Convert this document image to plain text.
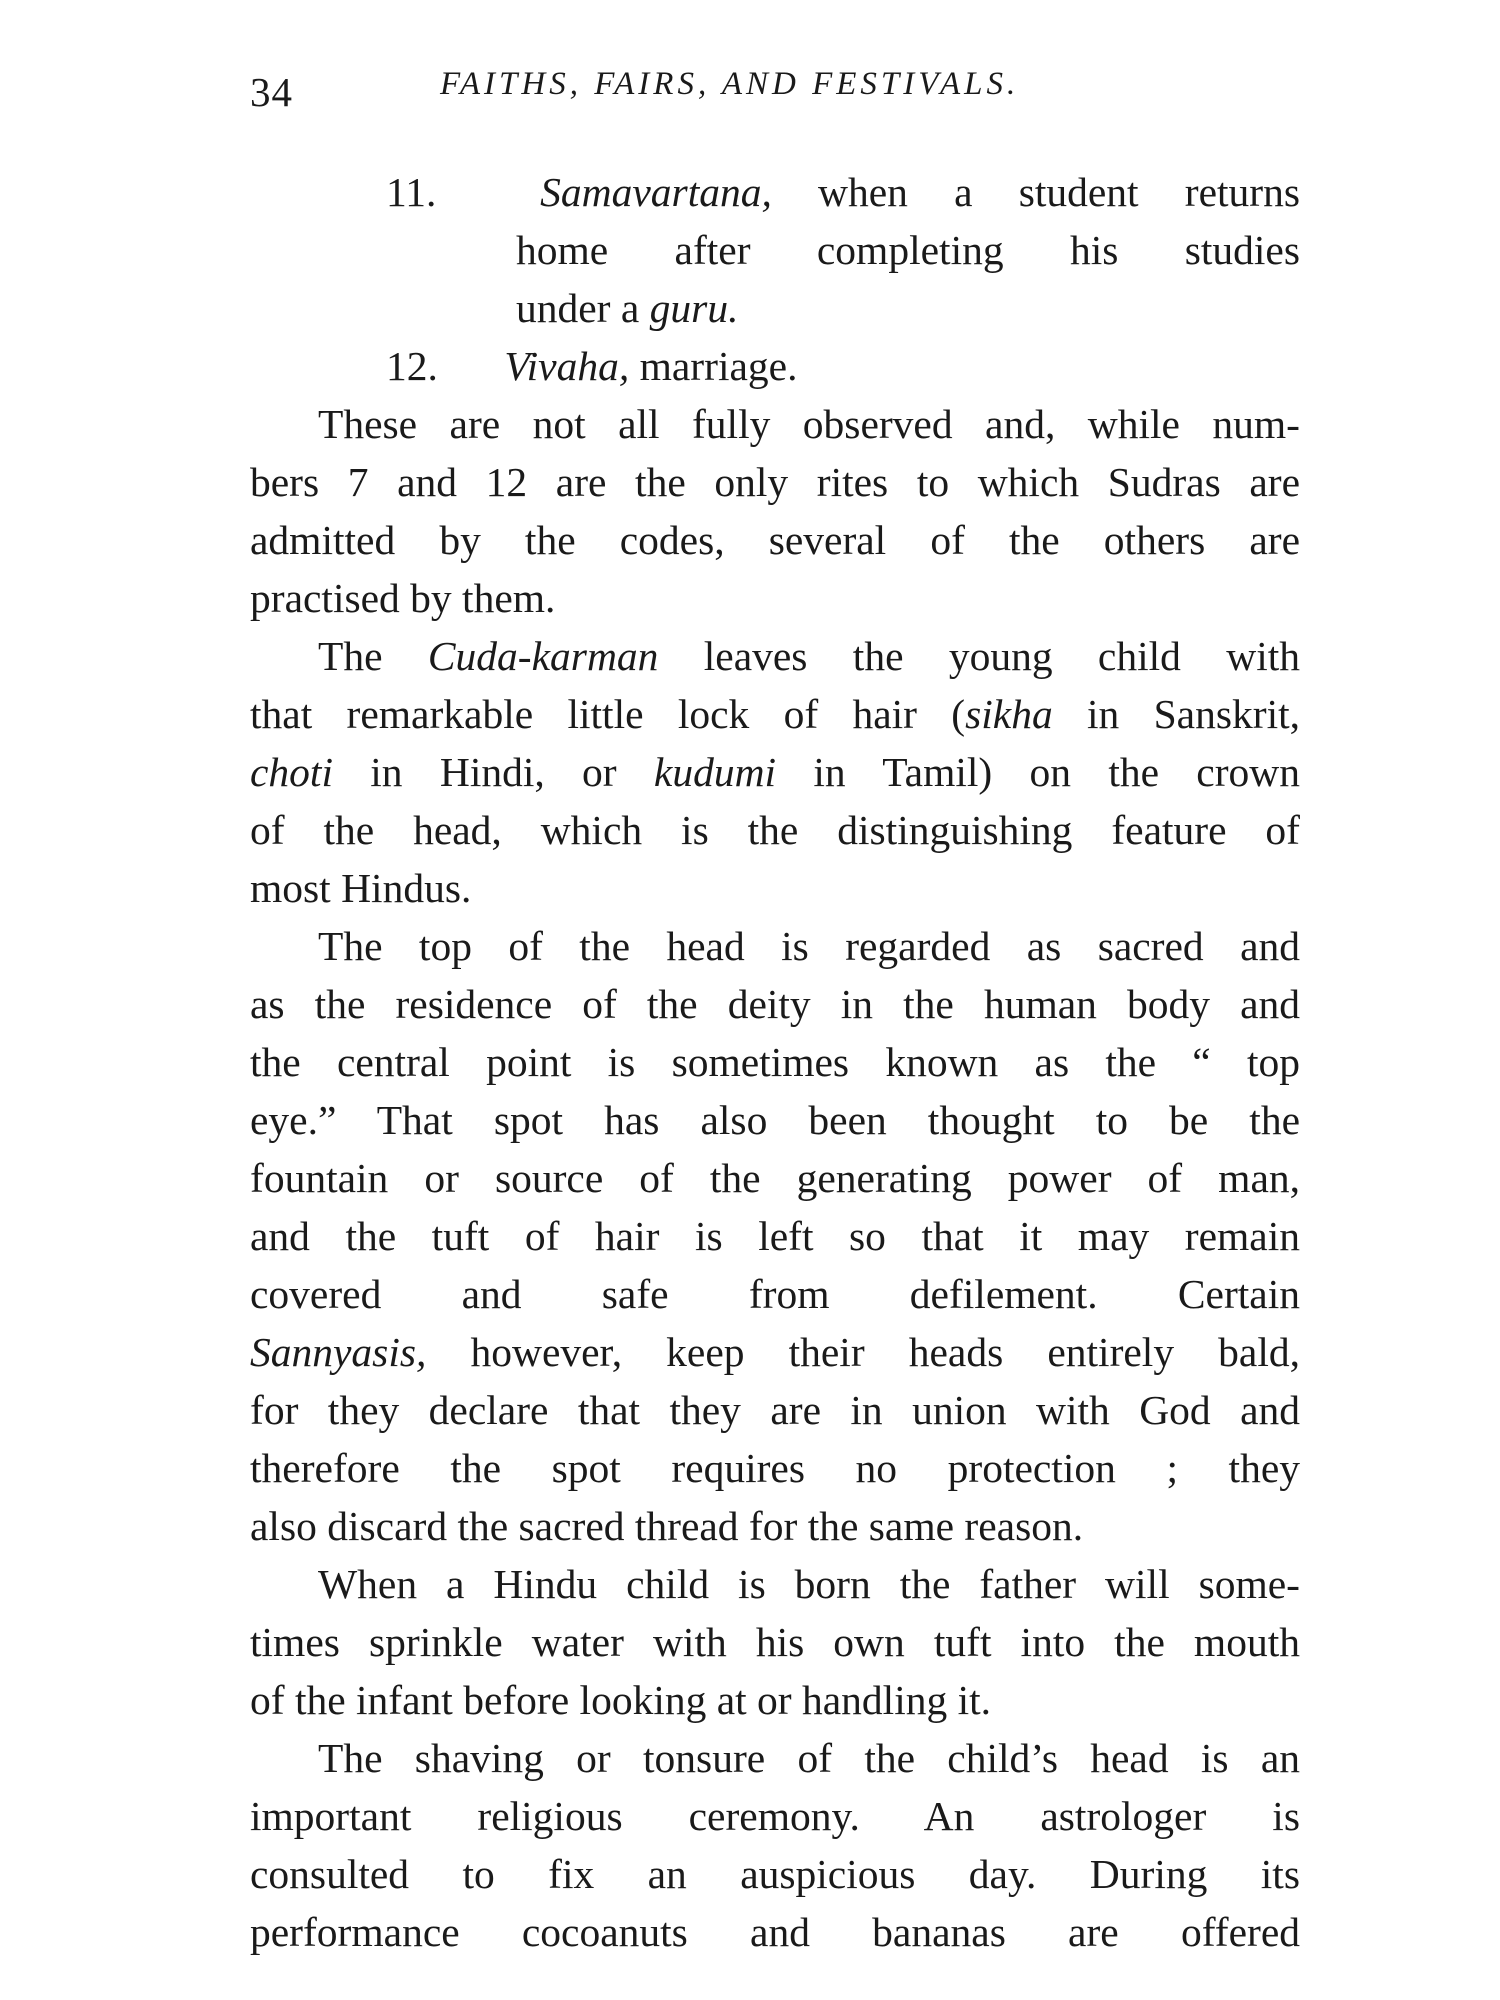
34	FAITHS, FAIRS, AND FESTIVALS.
11.	Samavartana, when a student returns
home after completing his studies
under a guru.
12. Vivaha, marriage.
These are not all fully observed and, while num-
bers 7 and 12 are the only rites to which Sudras are
admitted by the codes, several of the others are
practised by them.
The Cuda-karman leaves the young child with
that remarkable little lock of hair (sikha in Sanskrit,
choti in Hindi, or kudumi in Tamil) on the crown
of the head, which is the distinguishing feature of
most Hindus.
The top of the head is regarded as sacred and
as the residence of the deity in the human body and
the central point is sometimes known as the “ top
eye.” That spot has also been thought to be the
fountain or source of the generating power of man,
and the tuft of hair is left so that it may remain
covered and safe from defilement. Certain
Sannyasis, however, keep their heads entirely bald,
for they declare that they are in union with God and
therefore the spot requires no protection ; they
also discard the sacred thread for the same reason.
When a Hindu child is born the father will some-
times sprinkle water with his own tuft into the mouth
of the infant before looking at or handling it.
The shaving or tonsure of the child’s head is an
important religious ceremony. An astrologer is
consulted to fix an auspicious day. During its
performance cocoanuts and bananas are offered
